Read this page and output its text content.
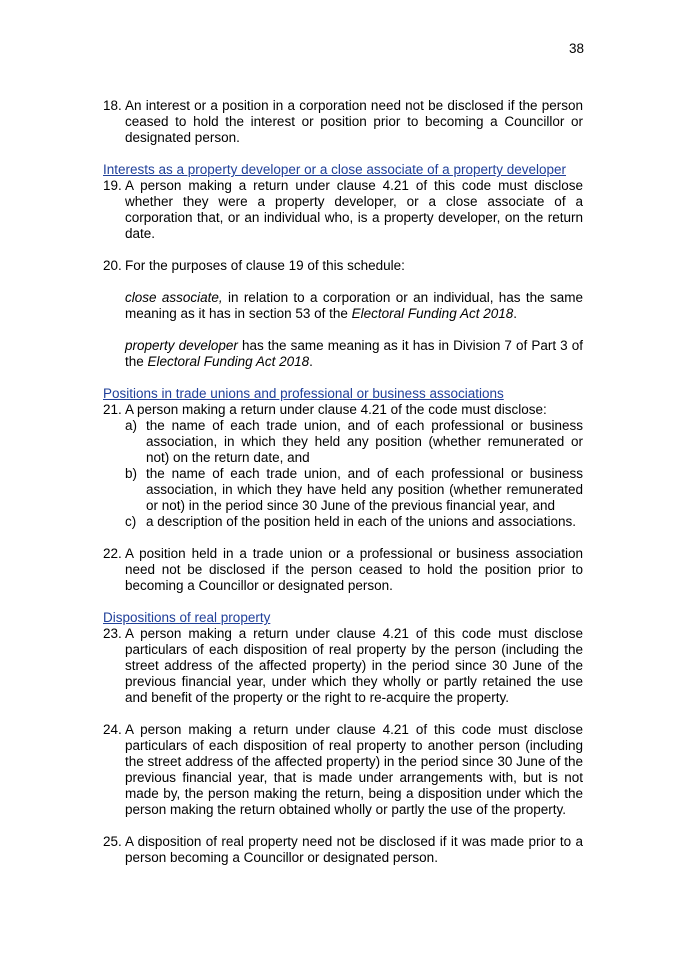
38
18. An interest or a position in a corporation need not be disclosed if the person ceased to hold the interest or position prior to becoming a Councillor or designated person.

Interests as a property developer or a close associate of a property developer
19. A person making a return under clause 4.21 of this code must disclose whether they were a property developer, or a close associate of a corporation that, or an individual who, is a property developer, on the return date.

20. For the purposes of clause 19 of this schedule:

close associate, in relation to a corporation or an individual, has the same meaning as it has in section 53 of the Electoral Funding Act 2018.

property developer has the same meaning as it has in Division 7 of Part 3 of the Electoral Funding Act 2018.

Positions in trade unions and professional or business associations
21. A person making a return under clause 4.21 of the code must disclose:

a) the name of each trade union, and of each professional or business association, in which they held any position (whether remunerated or not) on the return date, and
b) the name of each trade union, and of each professional or business association, in which they have held any position (whether remunerated or not) in the period since 30 June of the previous financial year, and
c) a description of the position held in each of the unions and associations.
22. A position held in a trade union or a professional or business association need not be disclosed if the person ceased to hold the position prior to becoming a Councillor or designated person.

Dispositions of real property
23. A person making a return under clause 4.21 of this code must disclose particulars of each disposition of real property by the person (including the street address of the affected property) in the period since 30 June of the previous financial year, under which they wholly or partly retained the use and benefit of the property or the right to re-acquire the property.

24. A person making a return under clause 4.21 of this code must disclose particulars of each disposition of real property to another person (including the street address of the affected property) in the period since 30 June of the previous financial year, that is made under arrangements with, but is not made by, the person making the return, being a disposition under which the person making the return obtained wholly or partly the use of the property.

25. A disposition of real property need not be disclosed if it was made prior to a person becoming a Councillor or designated person.
